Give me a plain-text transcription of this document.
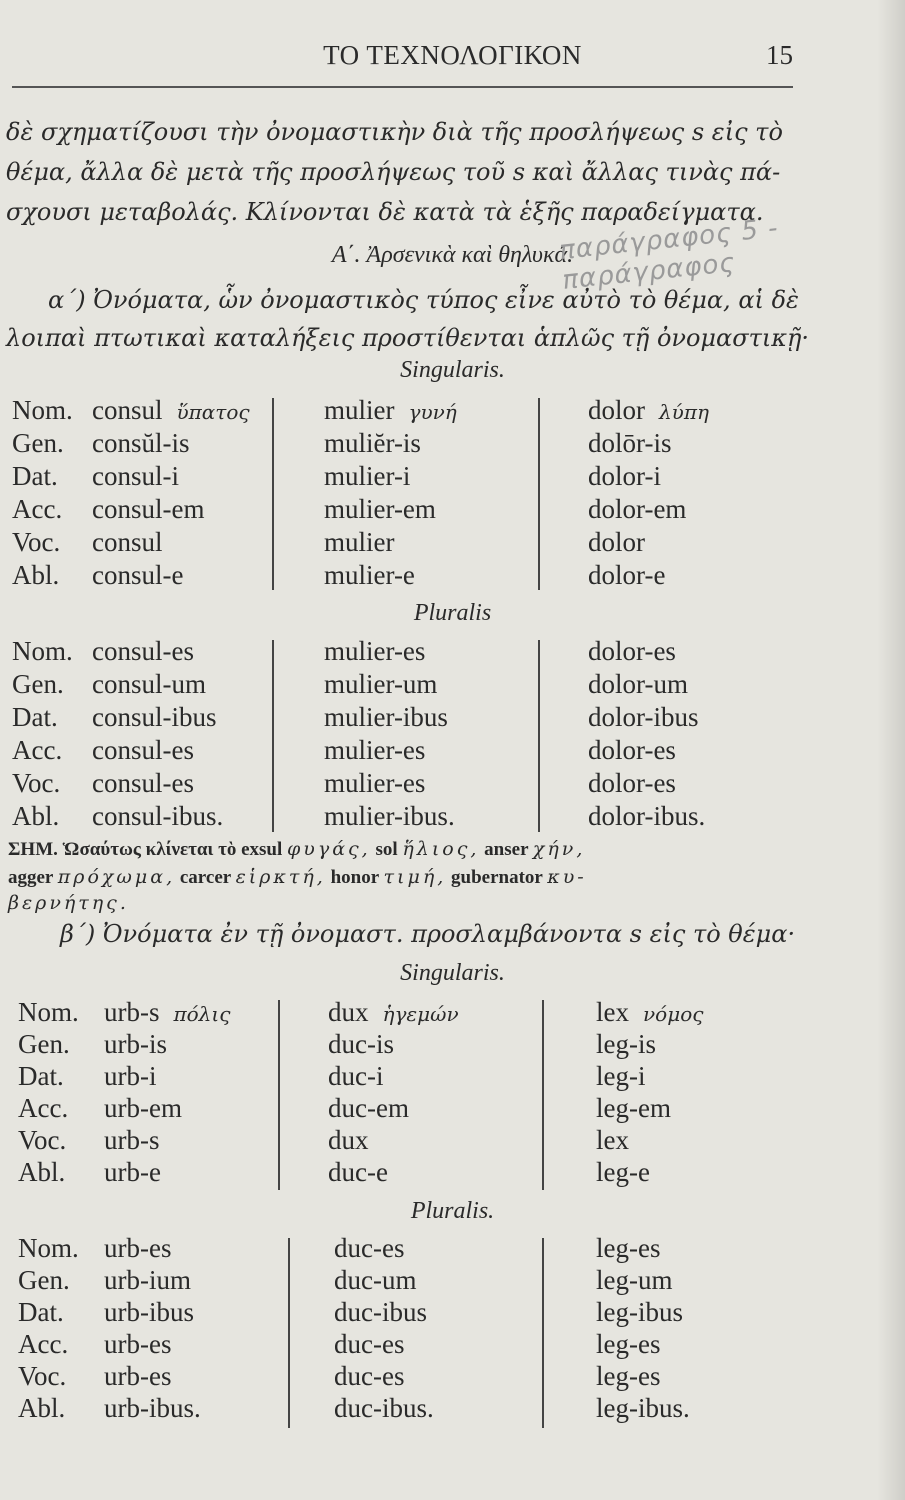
ΤΟ ΤΕΧΝΟΛΟΓΙΚΟΝ	15
δὲ σχηματίζουσι τὴν ὀνομαστικὴν διὰ τῆς προσλήψεως s εἰς τὸ
θέμα, ἄλλα δὲ μετὰ τῆς προσλήψεως τοῦ s καὶ ἄλλας τινὰς πά-
σχουσι μεταβολάς. Κλίνονται δὲ κατὰ τὰ ἑξῆς παραδείγματα.
Α΄. Ἀρσενικὰ καὶ θηλυκά.
παράγραφος 5 - παράγραφος
α΄) Ὀνόματα, ὧν ὀνομαστικὸς τύπος εἶνε αὐτὸ τὸ θέμα, αἱ δὲ
λοιπαὶ πτωτικαὶ καταλήξεις προστίθενται ἁπλῶς τῇ ὀνομαστικῇ·
Singularis.
Nom. consul ὕπατος	mulier γυνή	dolor λύπη
Gen. consŭl-is	muliĕr-is	dolōr-is
Dat. consul-i	mulier-i	dolor-i
Acc. consul-em	mulier-em	dolor-em
Voc. consul	mulier	dolor
Abl. consul-e	mulier-e	dolor-e
Pluralis
Nom. consul-es	mulier-es	dolor-es
Gen. consul-um	mulier-um	dolor-um
Dat. consul-ibus	mulier-ibus	dolor-ibus
Acc. consul-es	mulier-es	dolor-es
Voc. consul-es	mulier-es	dolor-es
Abl. consul-ibus.	mulier-ibus.	dolor-ibus.
ΣΗΜ. Ὡσαύτως κλίνεται τὸ exsul φυγάς, sol ἥλιος, anser χήν,
agger πρόχωμα, carcer εἱρκτή, honor τιμή, gubernator κυ-
βερνήτης.
β΄) Ὀνόματα ἐν τῇ ὀνομαστ. προσλαμβάνοντα s εἰς τὸ θέμα·
Singularis.
Nom. urb-s πόλις	dux ἡγεμών	lex νόμος
Gen. urb-is	duc-is	leg-is
Dat. urb-i	duc-i	leg-i
Acc. urb-em	duc-em	leg-em
Voc. urb-s	dux	lex
Abl. urb-e	duc-e	leg-e
Pluralis.
Nom. urb-es	duc-es	leg-es
Gen. urb-ium	duc-um	leg-um
Dat. urb-ibus	duc-ibus	leg-ibus
Acc. urb-es	duc-es	leg-es
Voc. urb-es	duc-es	leg-es
Abl. urb-ibus.	duc-ibus.	leg-ibus.
